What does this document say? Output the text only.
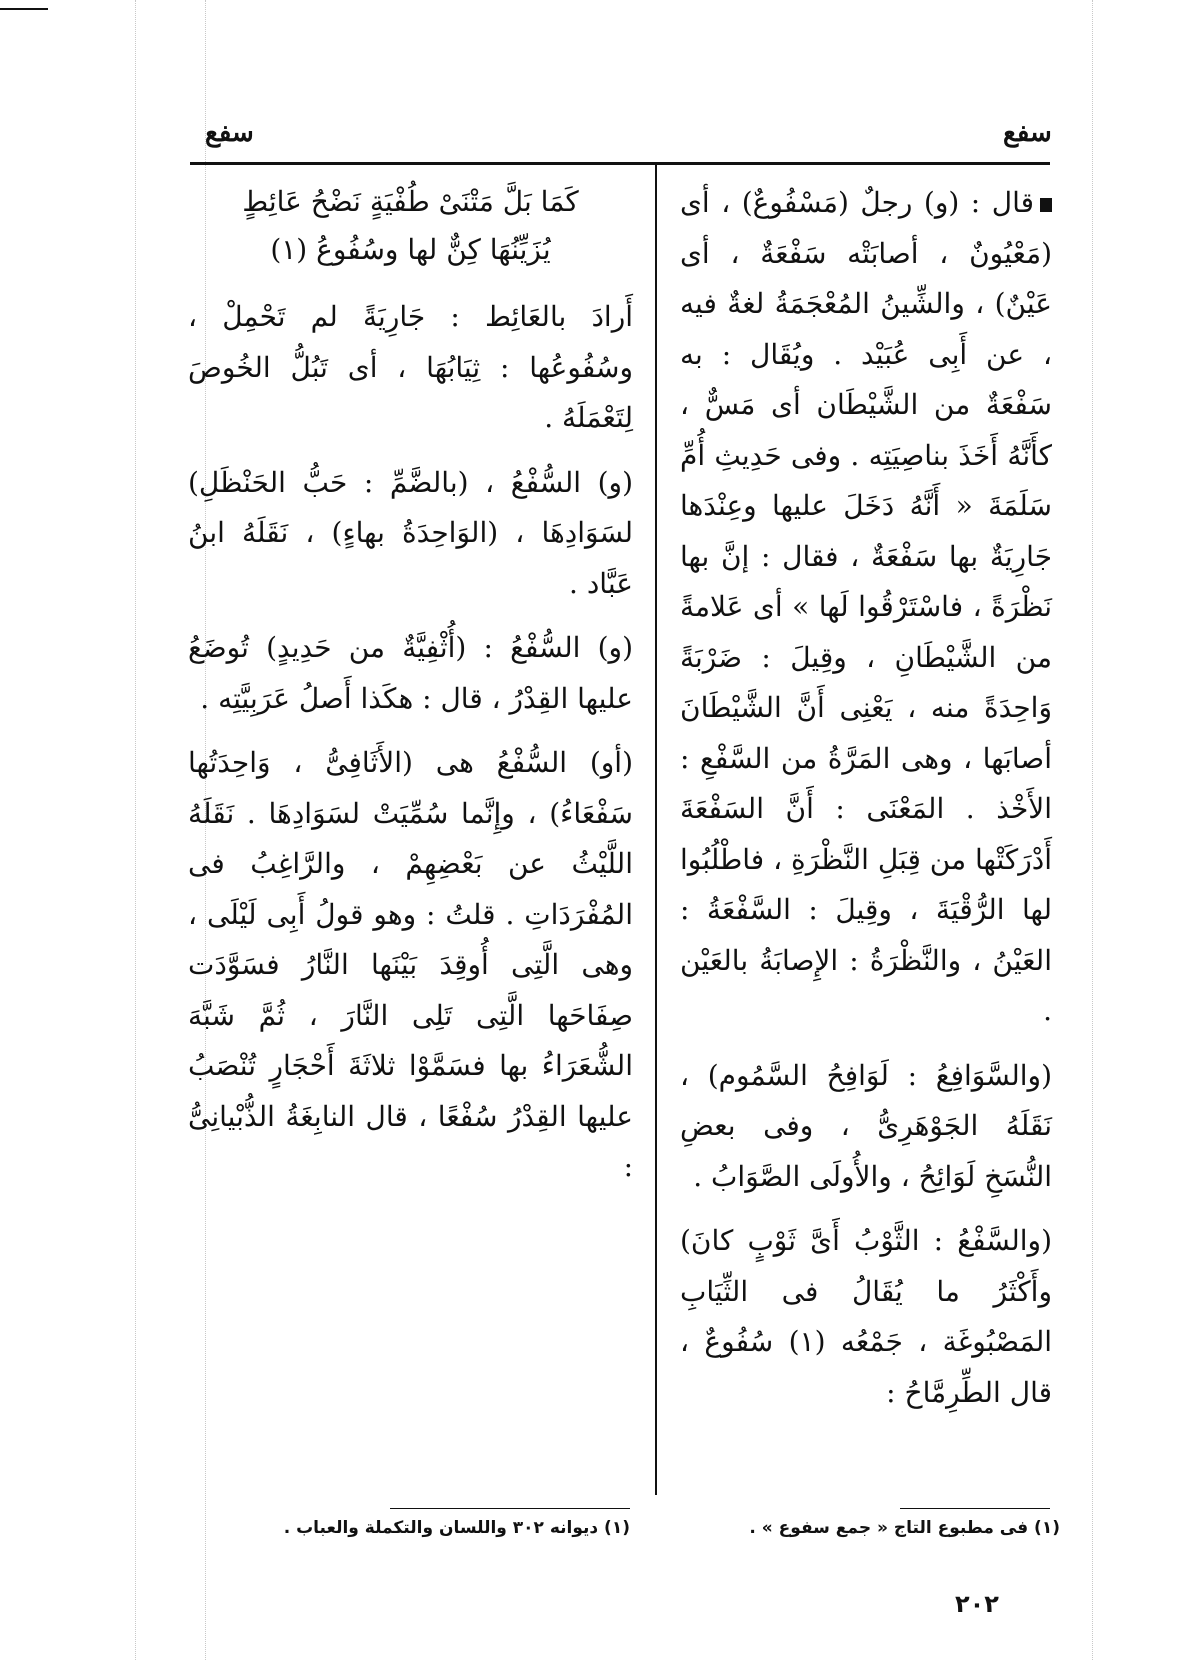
سفع	سفع

قال : (و) رجلٌ (مَسْفُوعٌ) ، أى (مَعْيُونٌ ، أصابَتْه سَفْعَةٌ ، أى عَيْنٌ) ، والشِّينُ المُعْجَمَةُ لغةٌ فيه ، عن أَبِى عُبَيْد . ويُقَال : به سَفْعَةٌ من الشَّيْطَان أى مَسٌّ ، كأَنَّهُ أَخَذَ بناصِيَتِه . وفى حَدِيثِ أُمِّ سَلَمَةَ « أَنَّهُ دَخَلَ عليها وعِنْدَها جَارِيَةٌ بها سَفْعَةٌ ، فقال : إنَّ بها نَظْرَةً ، فاسْتَرْقُوا لَها » أى عَلامةً من الشَّيْطَانِ ، وقِيلَ : ضَرْبَةً وَاحِدَةً منه ، يَعْنِى أَنَّ الشَّيْطَانَ أصابَها ، وهى المَرَّةُ من السَّفْعِ : الأَخْذ . المَعْنَى : أَنَّ السَفْعَةَ أَدْرَكَتْها من قِبَلِ النَّظْرَةِ ، فاطْلُبُوا لها الرُّقْيَةَ ، وقِيلَ : السَّفْعَةُ : العَيْنُ ، والنَّظْرَةُ : الإِصابَةُ بالعَيْن .

(والسَّوَافِعُ : لَوَافِحُ السَّمُوم) ، نَقَلَهُ الجَوْهَرِىُّ ، وفى بعضِ النُّسَخِ لَوَائِحُ ، والأُولَى الصَّوَابُ .

(والسَّفْعُ : الثَّوْبُ أَىَّ ثَوْبٍ كانَ) وأَكْثَرُ ما يُقَالُ فى الثِّيَابِ المَصْبُوغَة ، جَمْعُه (١) سُفُوعٌ ، قال الطِّرِمَّاحُ :

كَمَا بَلَّ مَتْنَىْ طُفْيَةٍ نَضْحُ عَائِطٍ
يُزَيِّنُهَا كِنٌّ لها وسُفُوعُ (١)

أَرادَ بالعَائِط : جَارِيَةً لم تَحْمِلْ ، وسُفُوعُها : ثِيَابُهَا ، أى تَبُلُّ الخُوصَ لِتَعْمَلَهُ .

(و) السُّفْعُ ، (بالضَّمِّ : حَبُّ الحَنْظَلِ) لسَوَادِهَا ، (الوَاحِدَةُ بهاءٍ) ، نَقَلَهُ ابنُ عَبَّاد .

(و) السُّفْعُ : (أُثْفِيَّةٌ من حَدِيدٍ) تُوضَعُ عليها القِدْرُ ، قال : هكَذا أَصلُ عَرَبِيَّتِه .

(أو) السُّفْعُ هى (الأَثَافِىُّ ، وَاحِدَتُها سَفْعَاءُ) ، وإِنَّما سُمِّيَتْ لسَوَادِهَا . نَقَلَهُ اللَّيْثُ عن بَعْضِهِمْ ، والرَّاغِبُ فى المُفْرَدَاتِ . قلتُ : وهو قولُ أَبِى لَيْلَى ، وهى الَّتِى أُوقِدَ بَيْنَها النَّارُ فسَوَّدَت صِفَاحَها الَّتِى تَلِى النَّارَ ، ثُمَّ شَبَّهَ الشُّعَرَاءُ بها فسَمَّوْا ثلاثَةَ أَحْجَارٍ تُنْصَبُ عليها القِدْرُ سُفْعًا ، قال النابِغَةُ الذُّبْيانِىُّ :

(١) فى مطبوع التاج « جمع سفوع » .
(١) ديوانه ٣٠٢ واللسان والتكملة والعباب .
٢٠٢
